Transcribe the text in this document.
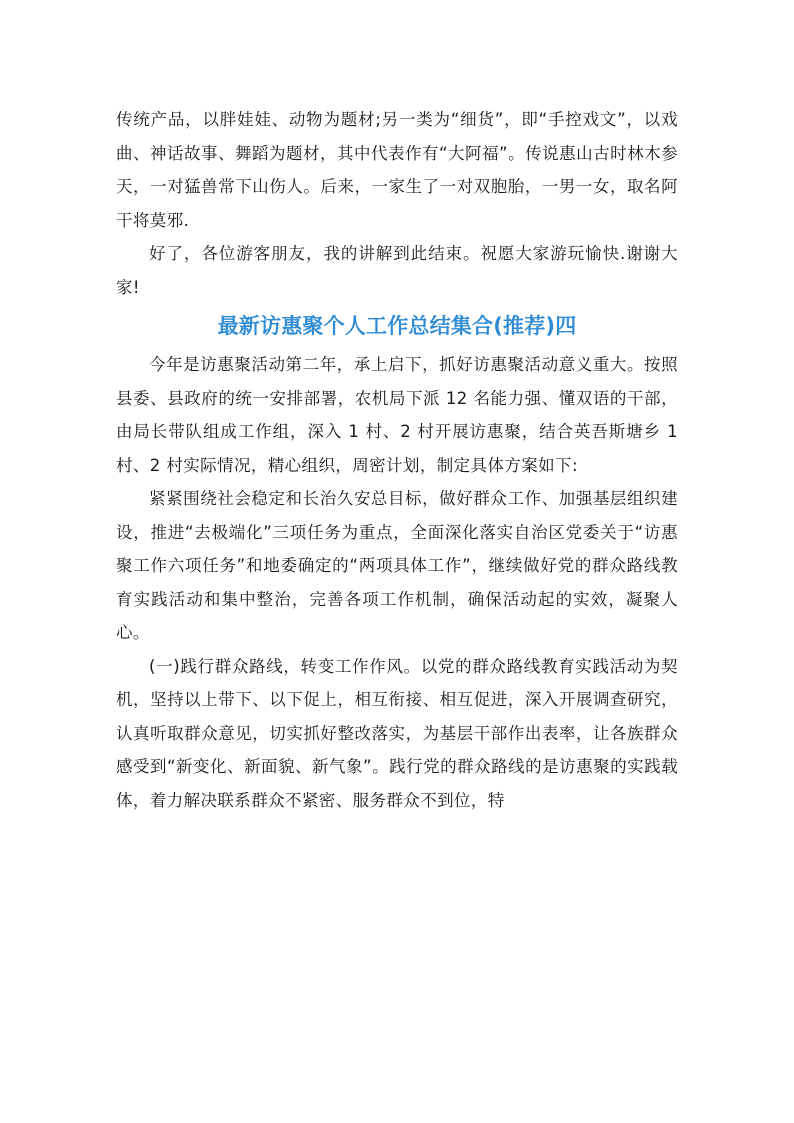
传统产品，以胖娃娃、动物为题材;另一类为“细货”，即“手控戏文”，以戏曲、神话故事、舞蹈为题材，其中代表作有“大阿福”。传说惠山古时林木参天，一对猛兽常下山伤人。后来，一家生了一对双胞胎，一男一女，取名阿干将莫邪.

好了，各位游客朋友，我的讲解到此结束。祝愿大家游玩愉快.谢谢大家!

最新访惠聚个人工作总结集合(推荐)四

今年是访惠聚活动第二年，承上启下，抓好访惠聚活动意义重大。按照县委、县政府的统一安排部署，农机局下派 12 名能力强、懂双语的干部，由局长带队组成工作组，深入 1 村、2 村开展访惠聚，结合英吾斯塘乡 1 村、2 村实际情况，精心组织，周密计划，制定具体方案如下:

紧紧围绕社会稳定和长治久安总目标，做好群众工作、加强基层组织建设，推进“去极端化”三项任务为重点，全面深化落实自治区党委关于“访惠聚工作六项任务”和地委确定的“两项具体工作”，继续做好党的群众路线教育实践活动和集中整治，完善各项工作机制，确保活动起的实效，凝聚人心。

(一)践行群众路线，转变工作作风。以党的群众路线教育实践活动为契机，坚持以上带下、以下促上，相互衔接、相互促进，深入开展调查研究，认真听取群众意见，切实抓好整改落实，为基层干部作出表率，让各族群众感受到“新变化、新面貌、新气象”。践行党的群众路线的是访惠聚的实践载体，着力解决联系群众不紧密、服务群众不到位，特
